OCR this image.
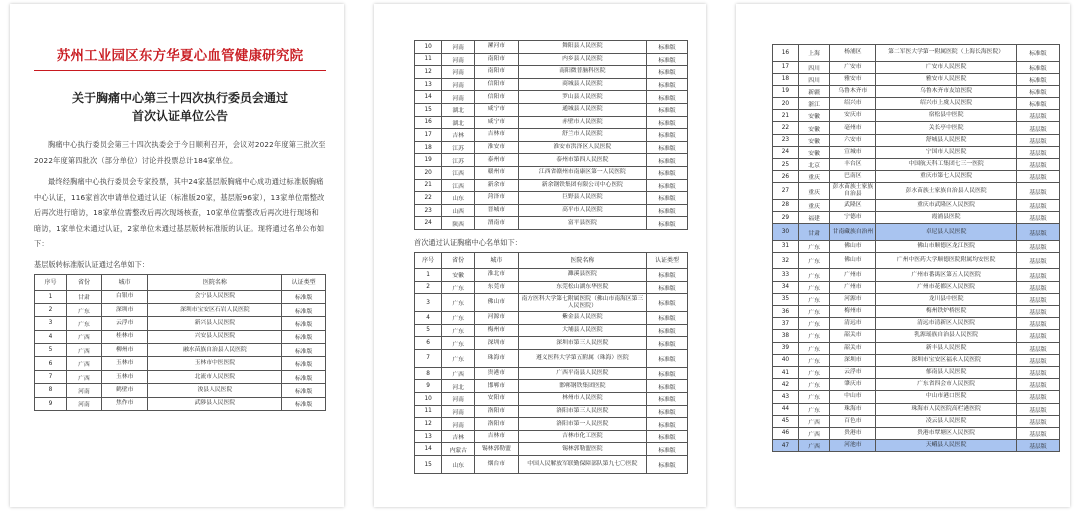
苏州工业园区东方华夏心血管健康研究院
关于胸痛中心第三十四次执行委员会通过
首次认证单位公告

胸痛中心执行委员会第三十四次执委会于今日顺利召开，会议对2022年度第三批次至2022年度第四批次（部分单位）讨论并投票总计184家单位。

最终经胸痛中心执行委员会专家投票，其中24家基层版胸痛中心成功通过标准版胸痛中心认证，116家首次申请单位通过认证（标准版20家，基层版96家），13家单位需整改后再次进行暗访，18家单位需整改后再次现场核查，10家单位需整改后再次进行现场和暗访，1家单位未通过认证，2家单位未通过基层版转标准版的认证。现将通过名单公布如下：

基层版转标准版认证通过名单如下：
序号	省份	城市	医院名称	认证类型
1	甘肃	白银市	会宁县人民医院	标准版
2	广东	深圳市	深圳市宝安区石岩人民医院	标准版
3	广东	云浮市	新兴县人民医院	标准版
4	广西	桂林市	兴安县人民医院	标准版
5	广西	柳州市	融水苗族自治县人民医院	标准版
6	广西	玉林市	玉林市中医医院	标准版
7	广西	玉林市	北流市人民医院	标准版
8	河南	鹤壁市	浚县人民医院	标准版
9	河南	焦作市	武陟县人民医院	标准版
10	河南	漯河市	舞阳县人民医院	标准版
11	河南	南阳市	内乡县人民医院	标准版
12	河南	南阳市	南阳微普脑科医院	标准版
13	河南	信阳市	商城县人民医院	标准版
14	河南	信阳市	罗山县人民医院	标准版
15	湖北	咸宁市	通城县人民医院	标准版
16	湖北	咸宁市	赤壁市人民医院	标准版
17	吉林	吉林市	舒兰市人民医院	标准版
18	江苏	淮安市	淮安市洪泽区人民医院	标准版
19	江苏	泰州市	泰州市第四人民医院	标准版
20	江西	赣州市	江西省赣州市南康区第一人民医院	标准版
21	江西	新余市	新余钢铁集团有限公司中心医院	标准版
22	山东	菏泽市	巨野县人民医院	标准版
23	山西	晋城市	高平市人民医院	标准版
24	陕西	渭南市	富平县医院	标准版
首次通过认证胸痛中心名单如下：
序号	省份	城市	医院名称	认证类型
1	安徽	淮北市	濉溪县医院	标准版
2	广东	东莞市	东莞松山湖东华医院	标准版
3	广东	佛山市	南方医科大学第七附属医院（佛山市南海区第三人民医院）	标准版
4	广东	河源市	紫金县人民医院	标准版
5	广东	梅州市	大埔县人民医院	标准版
6	广东	深圳市	深圳市第三人民医院	标准版
7	广东	珠海市	遵义医科大学第五附属（珠海）医院	标准版
8	广西	贵港市	广西平南县人民医院	标准版
9	河北	邯郸市	邯郸钢铁集团医院	标准版
10	河南	安阳市	林州市人民医院	标准版
11	河南	洛阳市	洛阳市第三人民医院	标准版
12	河南	洛阳市	洛阳市第一人民医院	标准版
13	吉林	吉林市	吉林市化工医院	标准版
14	内蒙古	锡林郭勒盟	锡林郭勒盟医院	标准版
15	山东	烟台市	中国人民解放军联勤保障部队第九七〇医院	标准版
16	上海	杨浦区	第二军医大学第一附属医院（上海长海医院）	标准版
17	四川	广安市	广安市人民医院	标准版
18	四川	雅安市	雅安市人民医院	标准版
19	新疆	乌鲁木齐市	乌鲁木齐市友谊医院	标准版
20	浙江	绍兴市	绍兴市上虞人民医院	标准版
21	安徽	安庆市	宿松县中医院	基层版
22	安徽	亳州市	关长亭中医院	基层版
23	安徽	六安市	舒城县人民医院	基层版
24	安徽	宣城市	宁国市人民医院	基层版
25	北京	丰台区	中国航天科工集团七三一医院	基层版
26	重庆	巴南区	重庆市第七人民医院	基层版
27	重庆	彭水苗族土家族自治县	彭水苗族土家族自治县人民医院	基层版
28	重庆	武隆区	重庆市武隆区人民医院	基层版
29	福建	宁德市	霞浦县医院	基层版
30	甘肃	甘南藏族自治州	卓尼县人民医院	基层版
31	广东	佛山市	佛山市顺德区龙江医院	基层版
32	广东	佛山市	广州中医药大学顺德医院附属均安医院	基层版
33	广东	广州市	广州市番禺区第五人民医院	基层版
34	广东	广州市	广州市花都区人民医院	基层版
35	广东	河源市	龙川县中医院	基层版
36	广东	梅州市	梅州铁炉桥医院	基层版
37	广东	清远市	清远市清新区人民医院	基层版
38	广东	韶关市	乳源瑶族自治县人民医院	基层版
39	广东	韶关市	新丰县人民医院	基层版
40	广东	深圳市	深圳市宝安区福永人民医院	基层版
41	广东	云浮市	郁南县人民医院	基层版
42	广东	肇庆市	广东省四会市人民医院	基层版
43	广东	中山市	中山市港口医院	基层版
44	广东	珠海市	珠海市人民医院高栏港医院	基层版
45	广西	百色市	凌云县人民医院	基层版
46	广西	贵港市	贵港市覃塘区人民医院	基层版
47	广西	河池市	天峨县人民医院	基层版
